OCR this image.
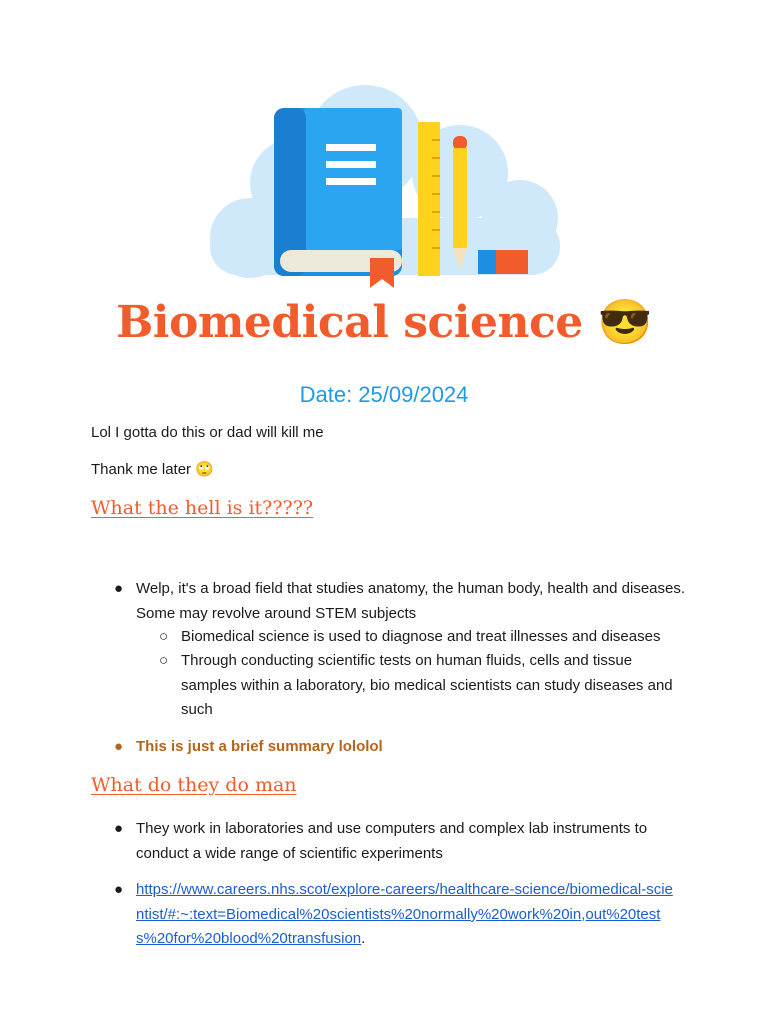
Biomedical science 😎
Date: 25/09/2024
Lol I gotta do this or dad will kill me
Thank me later 🙄
What the hell is it?????
● Welp, it's a broad field that studies anatomy, the human body, health and diseases. Some may revolve around STEM subjects
○ Biomedical science is used to diagnose and treat illnesses and diseases
○ Through conducting scientific tests on human fluids, cells and tissue samples within a laboratory, bio medical scientists can study diseases and such
● This is just a brief summary lololol
What do they do man
● They work in laboratories and use computers and complex lab instruments to conduct a wide range of scientific experiments
● https://www.careers.nhs.scot/explore-careers/healthcare-science/biomedical-scientist/#:~:text=Biomedical%20scientists%20normally%20work%20in,out%20tests%20for%20blood%20transfusion.
